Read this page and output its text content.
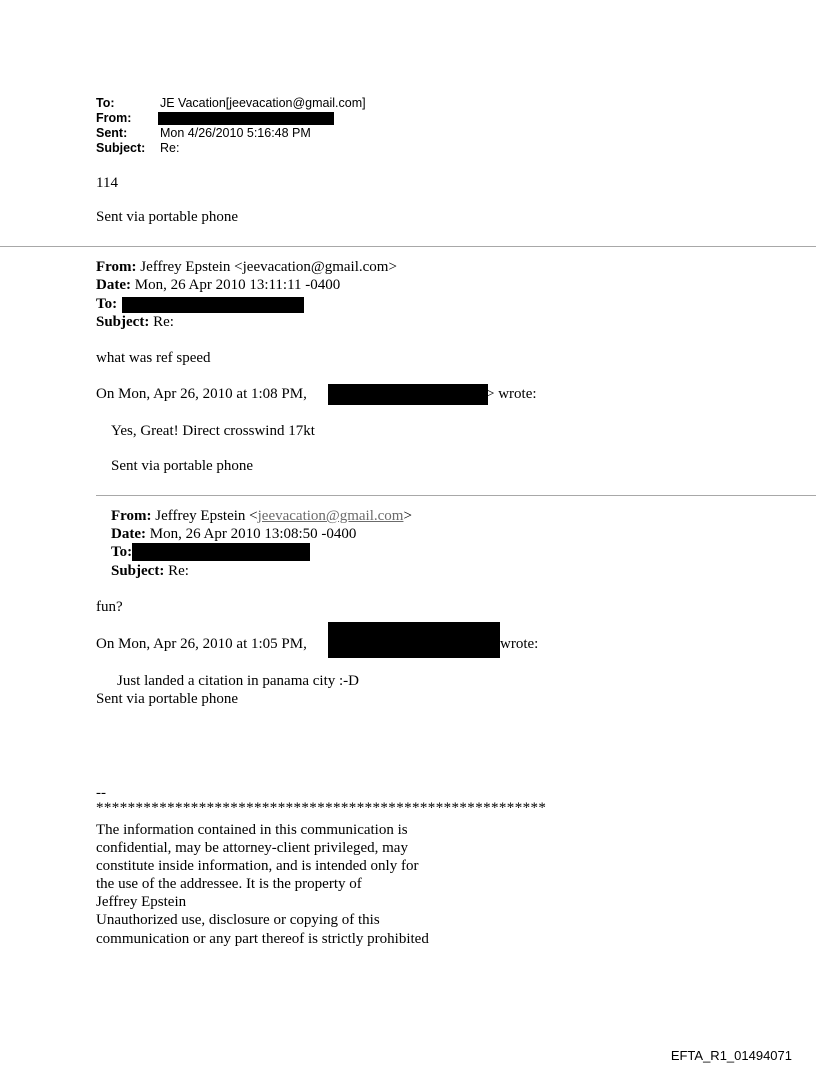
To:	JE Vacation[jeevacation@gmail.com]
From:
Sent:	Mon 4/26/2010 5:16:48 PM
Subject: Re:
114
Sent via portable phone
From: Jeffrey Epstein <jeevacation@gmail.com>
Date: Mon, 26 Apr 2010 13:11:11 -0400
To:
Subject: Re:
what was ref speed
On Mon, Apr 26, 2010 at 1:08 PM,	> wrote:
Yes, Great! Direct crosswind 17kt
Sent via portable phone
From: Jeffrey Epstein <jeevacation@gmail.com>
Date: Mon, 26 Apr 2010 13:08:50 -0400
To:
Subject: Re:
fun?
On Mon, Apr 26, 2010 at 1:05 PM,	wrote:
Just landed a citation in panama city :-D
Sent via portable phone
--
*********************************************************
The information contained in this communication is
confidential, may be attorney-client privileged, may
constitute inside information, and is intended only for
the use of the addressee. It is the property of
Jeffrey Epstein
Unauthorized use, disclosure or copying of this
communication or any part thereof is strictly prohibited
EFTA_R1_01494071
